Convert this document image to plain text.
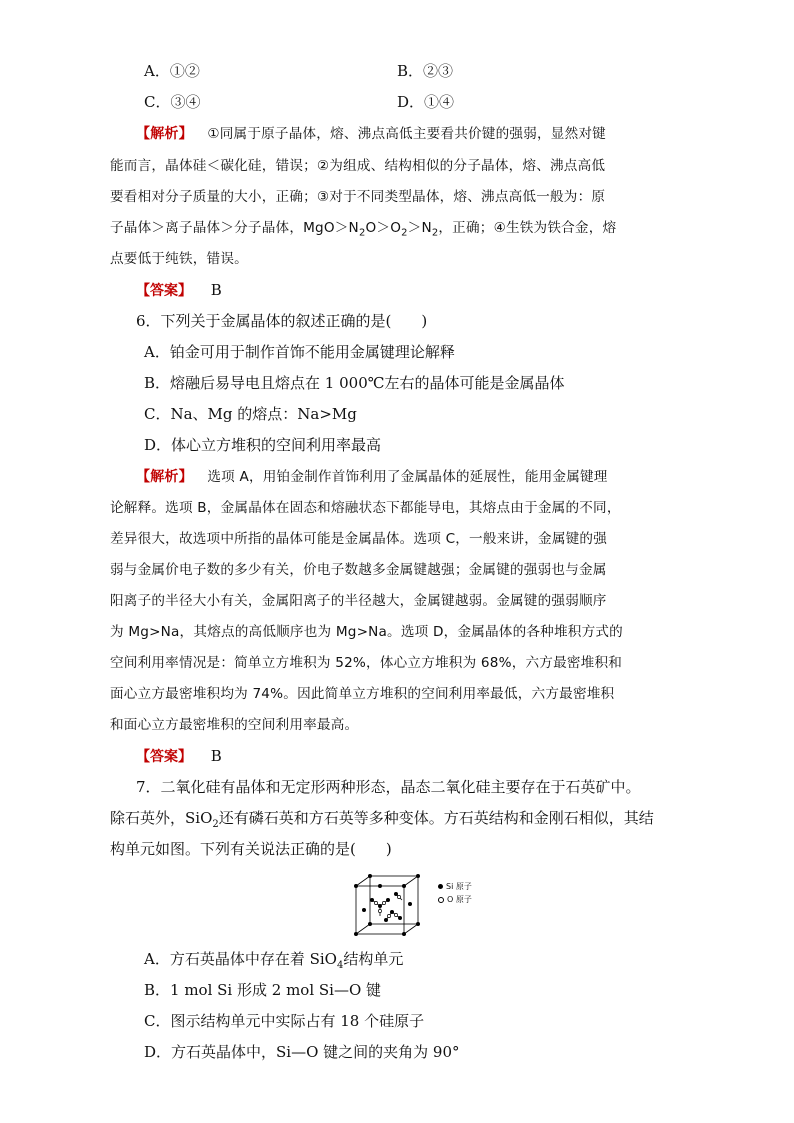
A．①②	B．②③
C．③④	D．①④
【解析】 ①同属于原子晶体，熔、沸点高低主要看共价键的强弱，显然对键
能而言，晶体硅＜碳化硅，错误；②为组成、结构相似的分子晶体，熔、沸点高低
要看相对分子质量的大小，正确；③对于不同类型晶体，熔、沸点高低一般为：原
子晶体＞离子晶体＞分子晶体，$MgO>N_2O>O_2>N_2$，正确；④生铁为铁合金，熔
点要低于纯铁，错误。
【答案】 B
6．下列关于金属晶体的叙述正确的是(　　)
A．铂金可用于制作首饰不能用金属键理论解释
B．熔融后易导电且熔点在 1 000℃左右的晶体可能是金属晶体
C．Na、Mg 的熔点：Na>Mg
D．体心立方堆积的空间利用率最高
【解析】 选项 A，用铂金制作首饰利用了金属晶体的延展性，能用金属键理
论解释。选项 B，金属晶体在固态和熔融状态下都能导电，其熔点由于金属的不同，
差异很大，故选项中所指的晶体可能是金属晶体。选项 C，一般来讲，金属键的强
弱与金属价电子数的多少有关，价电子数越多金属键越强；金属键的强弱也与金属
阳离子的半径大小有关，金属阳离子的半径越大，金属键越弱。金属键的强弱顺序
为 Mg>Na，其熔点的高低顺序也为 Mg>Na。选项 D，金属晶体的各种堆积方式的
空间利用率情况是：简单立方堆积为 52%，体心立方堆积为 68%，六方最密堆积和
面心立方最密堆积均为 74%。因此简单立方堆积的空间利用率最低，六方最密堆积
和面心立方最密堆积的空间利用率最高。
【答案】 B
7．二氧化硅有晶体和无定形两种形态，晶态二氧化硅主要存在于石英矿中。
除石英外，SiO$_2$还有磷石英和方石英等多种变体。方石英结构和金刚石相似，其结
构单元如图。下列有关说法正确的是(　　)
Si 原子
O 原子
A．方石英晶体中存在着 SiO$_4$结构单元
B．1 mol Si 形成 2 mol Si—O 键
C．图示结构单元中实际占有 18 个硅原子
D．方石英晶体中，Si—O 键之间的夹角为 90°
